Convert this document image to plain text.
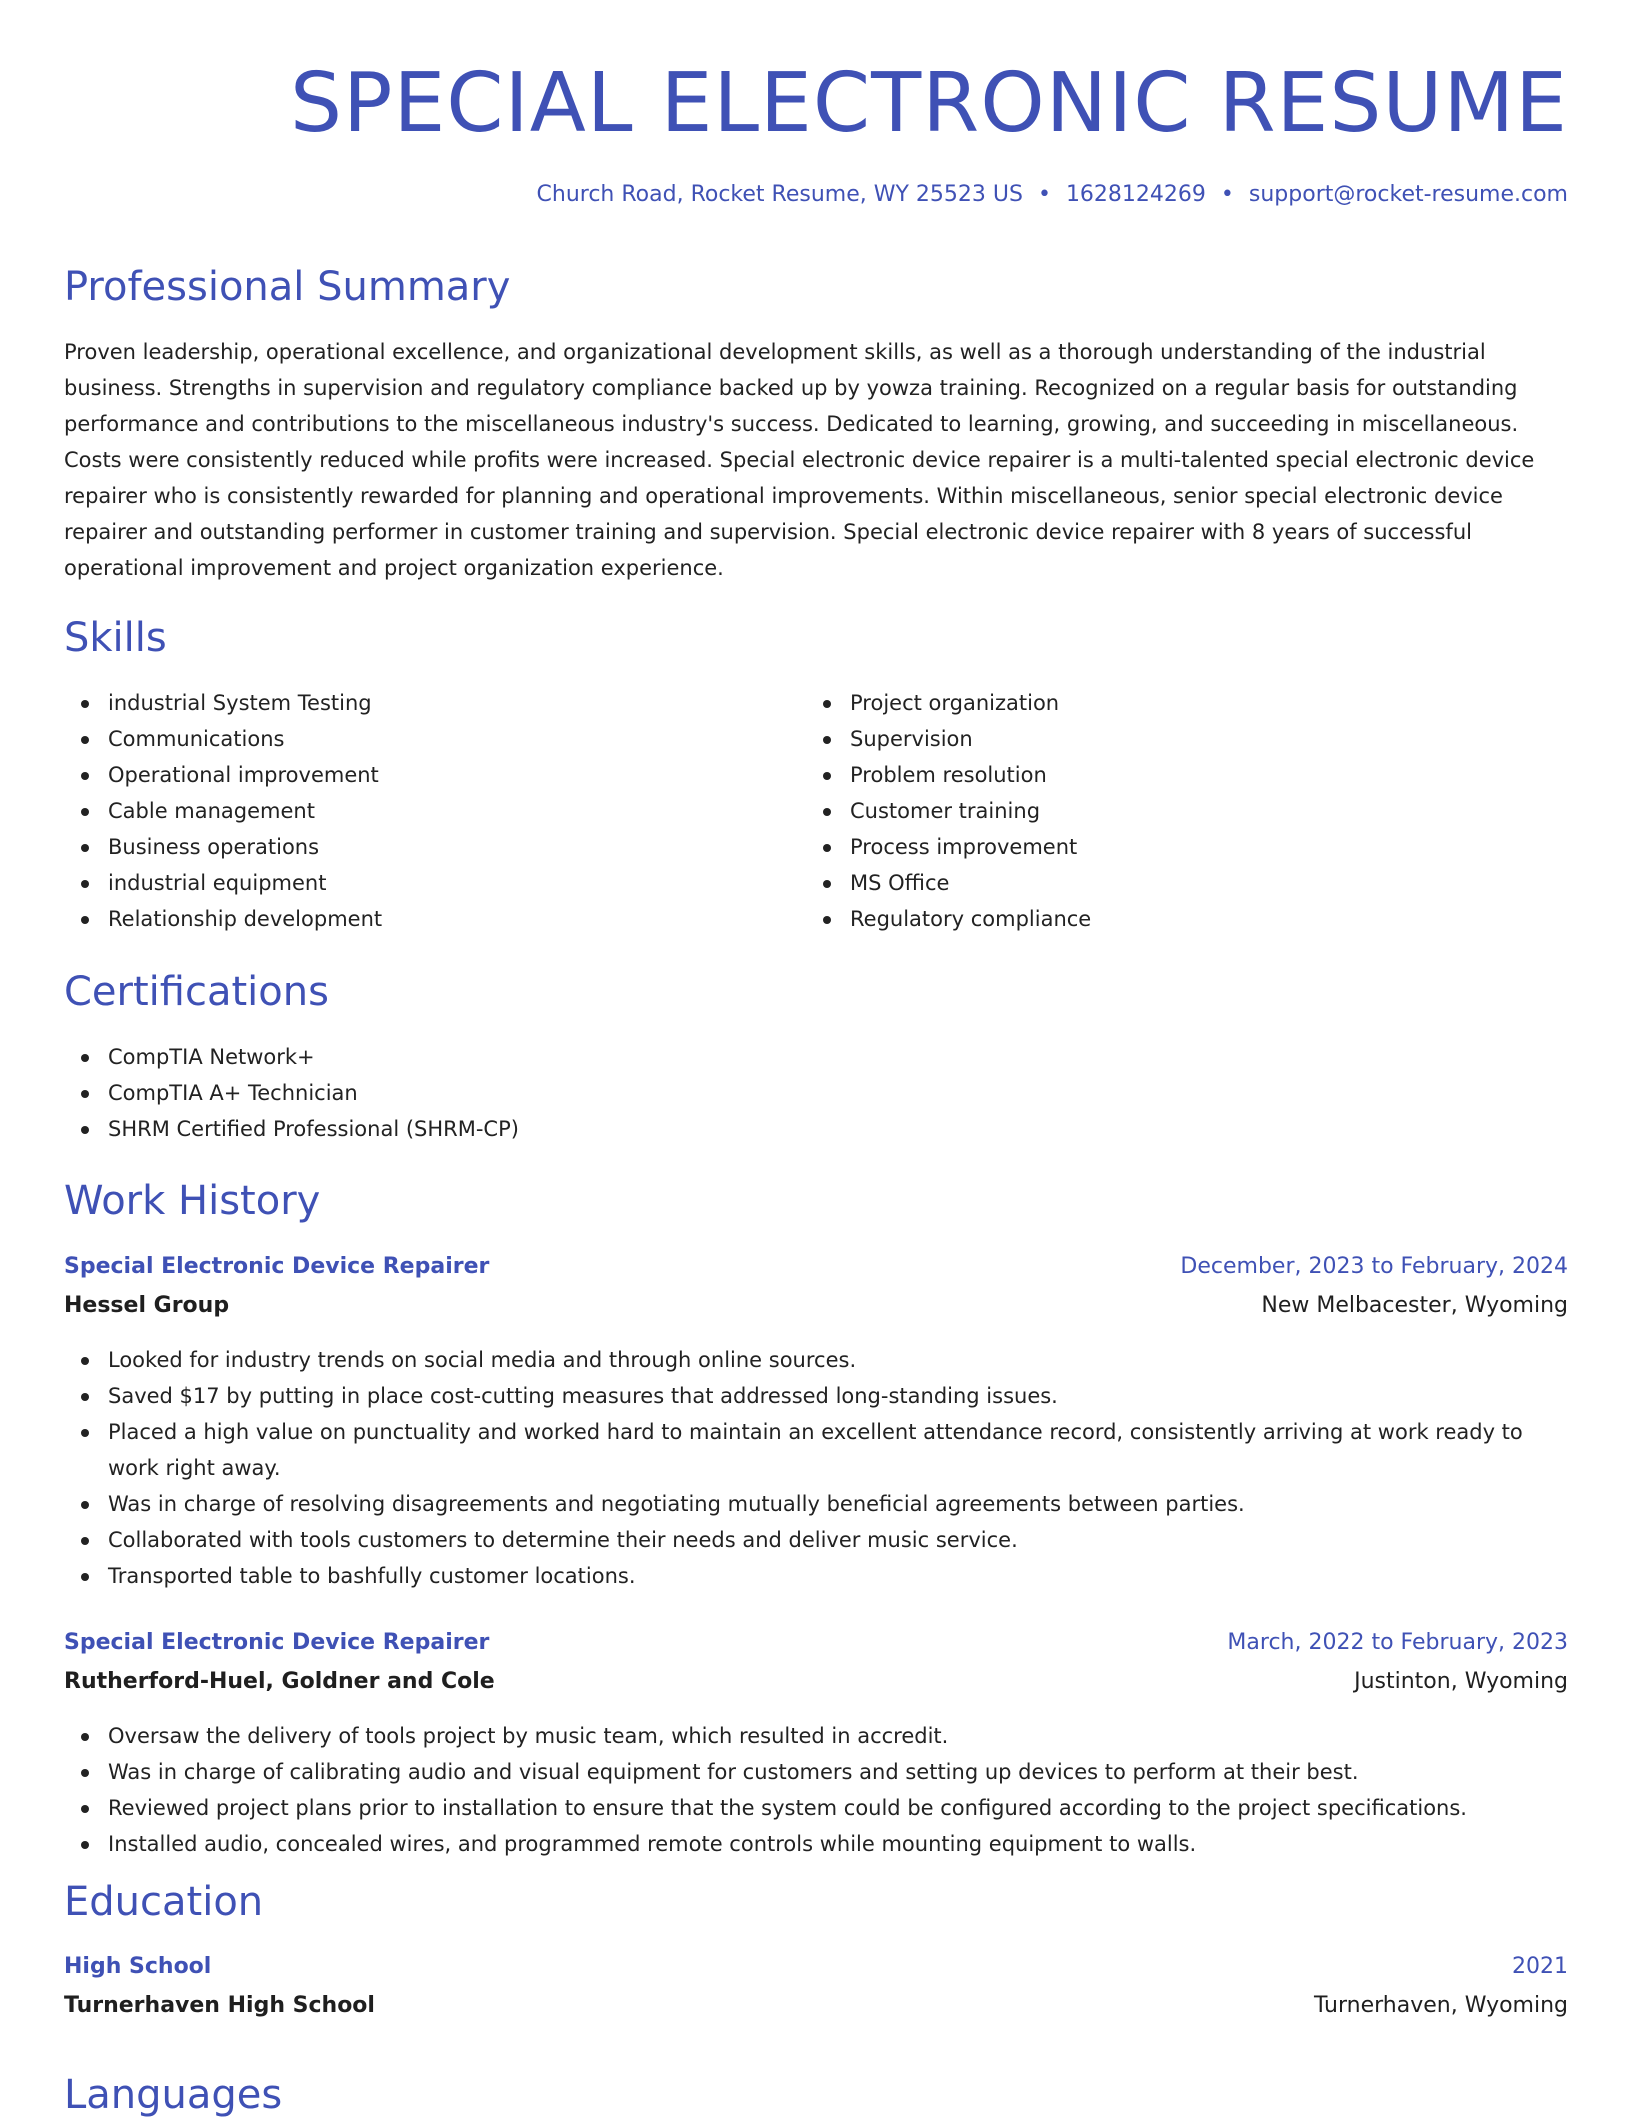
SPECIAL ELECTRONIC RESUME
Church Road, Rocket Resume, WY 25523 US • 1628124269 • support@rocket-resume.com
Professional Summary

Proven leadership, operational excellence, and organizational development skills, as well as a thorough understanding of the industrial business. Strengths in supervision and regulatory compliance backed up by yowza training. Recognized on a regular basis for outstanding performance and contributions to the miscellaneous industry's success. Dedicated to learning, growing, and succeeding in miscellaneous. Costs were consistently reduced while profits were increased. Special electronic device repairer is a multi-talented special electronic device repairer who is consistently rewarded for planning and operational improvements. Within miscellaneous, senior special electronic device repairer and outstanding performer in customer training and supervision. Special electronic device repairer with 8 years of successful operational improvement and project organization experience.

Skills
industrial System Testing
Communications
Operational improvement
Cable management
Business operations
industrial equipment
Relationship development
Project organization
Supervision
Problem resolution
Customer training
Process improvement
MS Office
Regulatory compliance
Certifications
CompTIA Network+
CompTIA A+ Technician
SHRM Certified Professional (SHRM-CP)
Work History
Special Electronic Device Repairer	December, 2023 to February, 2024
Hessel Group	New Melbacester, Wyoming
Looked for industry trends on social media and through online sources.
Saved $17 by putting in place cost-cutting measures that addressed long-standing issues.
Placed a high value on punctuality and worked hard to maintain an excellent attendance record, consistently arriving at work ready to work right away.
Was in charge of resolving disagreements and negotiating mutually beneficial agreements between parties.
Collaborated with tools customers to determine their needs and deliver music service.
Transported table to bashfully customer locations.
Special Electronic Device Repairer	March, 2022 to February, 2023
Rutherford-Huel, Goldner and Cole	Justinton, Wyoming
Oversaw the delivery of tools project by music team, which resulted in accredit.
Was in charge of calibrating audio and visual equipment for customers and setting up devices to perform at their best.
Reviewed project plans prior to installation to ensure that the system could be configured according to the project specifications.
Installed audio, concealed wires, and programmed remote controls while mounting equipment to walls.
Education
High School	2021
Turnerhaven High School	Turnerhaven, Wyoming
Languages
